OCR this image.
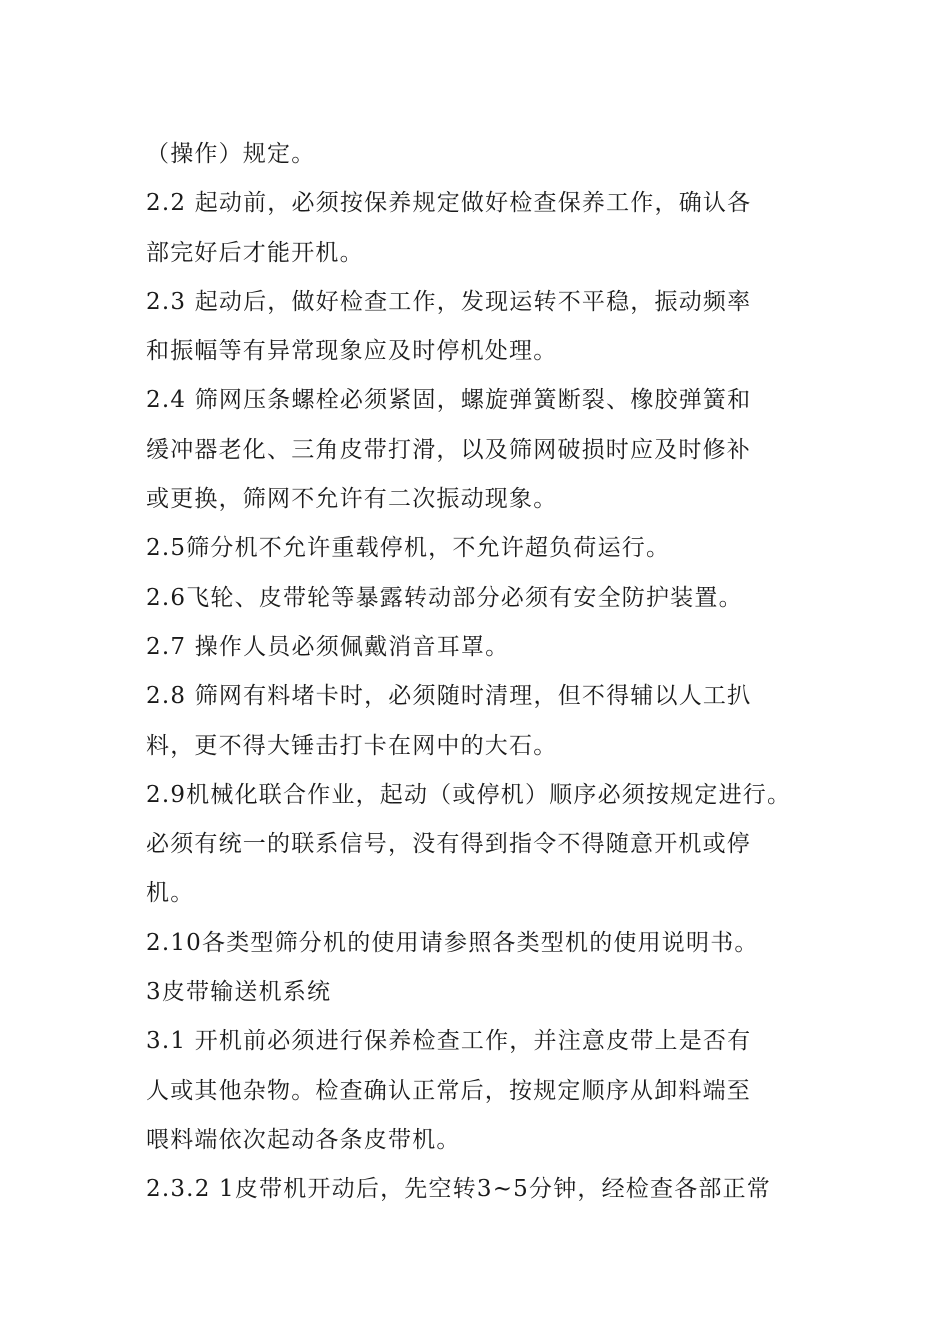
（操作）规定。
2.2 起动前，必须按保养规定做好检查保养工作，确认各
部完好后才能开机。
2.3 起动后，做好检查工作，发现运转不平稳，振动频率
和振幅等有异常现象应及时停机处理。
2.4 筛网压条螺栓必须紧固，螺旋弹簧断裂、橡胶弹簧和
缓冲器老化、三角皮带打滑，以及筛网破损时应及时修补
或更换，筛网不允许有二次振动现象。
2.5筛分机不允许重载停机，不允许超负荷运行。
2.6飞轮、皮带轮等暴露转动部分必须有安全防护装置。
2.7 操作人员必须佩戴消音耳罩。
2.8 筛网有料堵卡时，必须随时清理，但不得辅以人工扒
料，更不得大锤击打卡在网中的大石。
2.9机械化联合作业，起动（或停机）顺序必须按规定进行。
必须有统一的联系信号，没有得到指令不得随意开机或停
机。
2.10各类型筛分机的使用请参照各类型机的使用说明书。
3皮带输送机系统
3.1 开机前必须进行保养检查工作，并注意皮带上是否有
人或其他杂物。检查确认正常后，按规定顺序从卸料端至
喂料端依次起动各条皮带机。
2.3.2 1皮带机开动后，先空转3~5分钟，经检查各部正常
